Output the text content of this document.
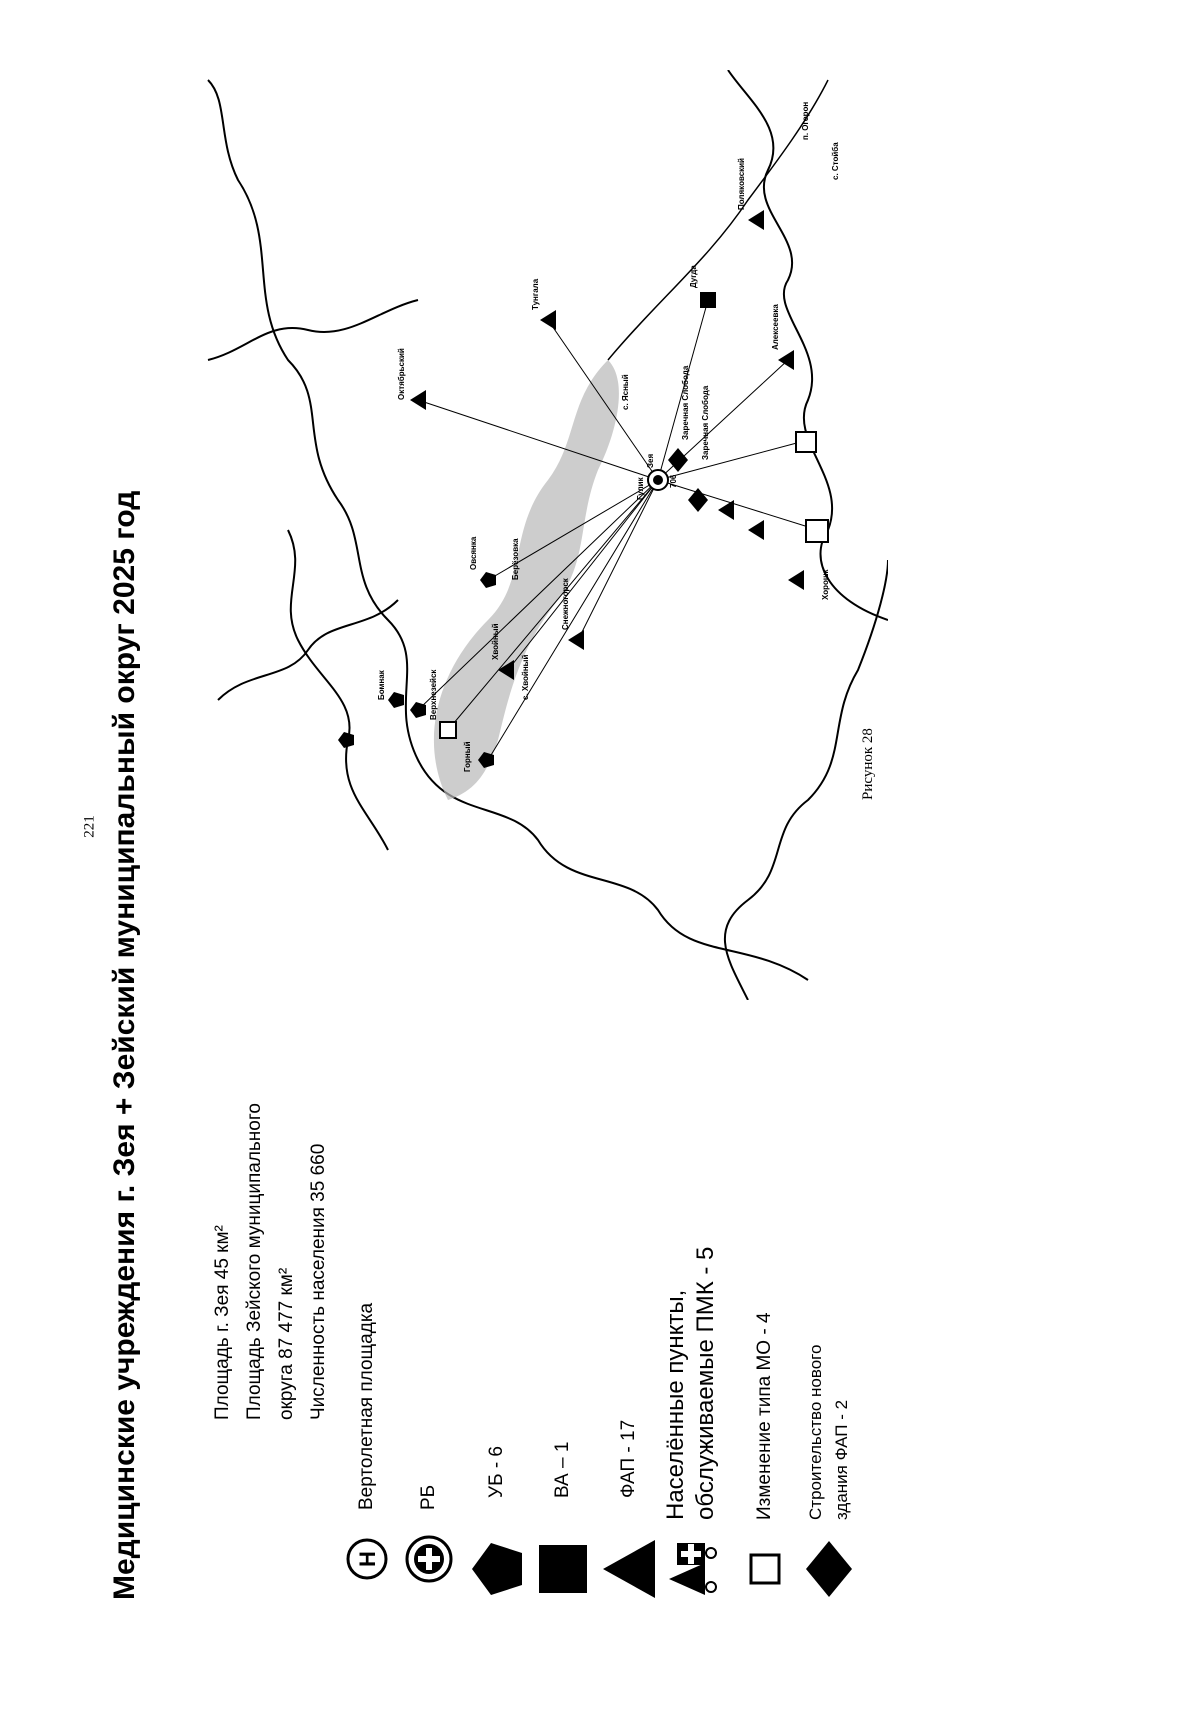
221 Медицинские учреждения г. Зея + Зейский муниципальный округ 2025 год	Площадь г. Зея 45 км² Площадь Зейского муниципального округа 87 477 км² Численность населения 35 660
H
Вертолетная площадка РБ УБ - 6 ВА – 1 ФАП - 17 Населённые пункты, обслуживаемые ПМК - 5 Изменение типа МО - 4 Строительство нового здания ФАП - 2
Горный
Верхнезейск
Бомнак
Хвойный
Снежногорск
Овсянка
Октябрьский
Берёзовка
Тунгала
Дугда
Алексеевка
Заречная Слобода
Гулик
Зея
Поляковский
с. Ясный
Хорошк
с. Стойба
п. Огорон
с. Хвойный
Заречная Слобода
706
Рисунок 28
